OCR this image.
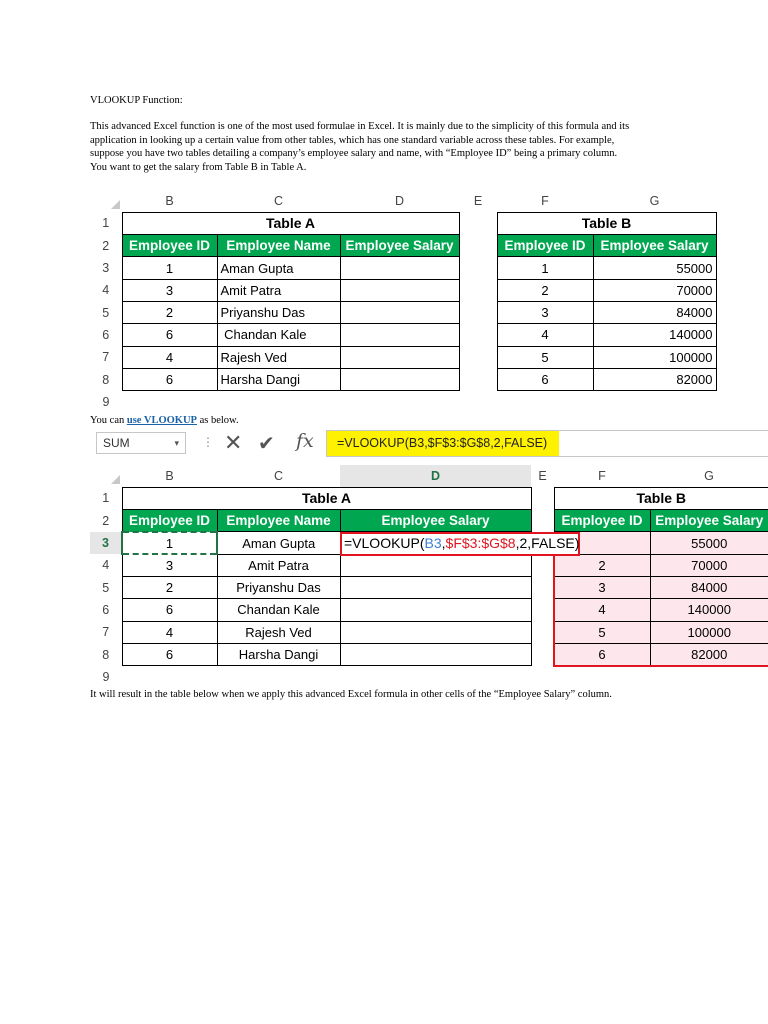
VLOOKUP Function:

This advanced Excel function is one of the most used formulae in Excel. It is mainly due to the simplicity of this formula and its

application in looking up a certain value from other tables, which has one standard variable across these tables. For example,

suppose you have two tables detailing a company’s employee salary and name, with “Employee ID” being a primary column.

You want to get the salary from Table B in Table A.

	B	C	D	E	F	G	
1	Table A				Table B		
2	Employee ID	Employee Name	Employee Salary		Employee ID	Employee Salary	
3	1	Aman Gupta			1	55000	
4	3	Amit Patra			2	70000	
5	2	Priyanshu Das			3	84000	
6	6	Chandan Kale			4	140000	
7	4	Rajesh Ved			5	100000	
8	6	Harsha Dangi			6	82000	
9							
You can use VLOOKUP as below.
SUM	▾ ⋮ ✕ ✔ fx	=VLOOKUP(B3,$F$3:$G$8,2,FALSE)
	B	C	D	E	F	G
1	Table A				Table B	
2	Employee ID	Employee Name	Employee Salary		Employee ID	Employee Salary
3	1	Aman Gupta				55000
4	3	Amit Patra			2	70000
5	2	Priyanshu Das			3	84000
6	6	Chandan Kale			4	140000
7	4	Rajesh Ved			5	100000
8	6	Harsha Dangi			6	82000
9						
=VLOOKUP(B3,$F$3:$G$8,2,FALSE)
It will result in the table below when we apply this advanced Excel formula in other cells of the “Employee Salary” column.
